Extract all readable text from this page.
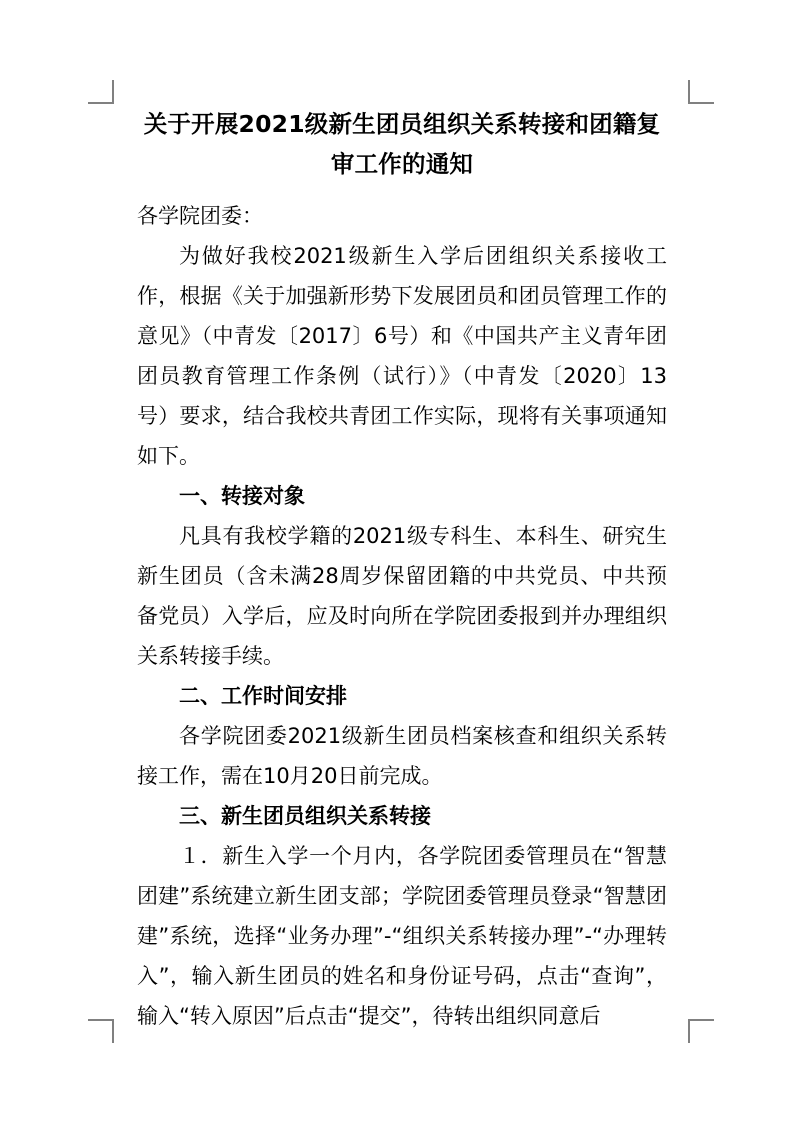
关于开展2021级新生团员组织关系转接和团籍复审工作的通知

各学院团委：

为做好我校2021级新生入学后团组织关系接收工作，根据《关于加强新形势下发展团员和团员管理工作的意见》（中青发〔2017〕6号）和《中国共产主义青年团团员教育管理工作条例（试行）》（中青发〔2020〕13号）要求，结合我校共青团工作实际，现将有关事项通知如下。

一、转接对象

凡具有我校学籍的2021级专科生、本科生、研究生新生团员（含未满28周岁保留团籍的中共党员、中共预备党员）入学后，应及时向所在学院团委报到并办理组织关系转接手续。

二、工作时间安排

各学院团委2021级新生团员档案核查和组织关系转接工作，需在10月20日前完成。

三、新生团员组织关系转接

１．新生入学一个月内，各学院团委管理员在“智慧团建”系统建立新生团支部；学院团委管理员登录“智慧团建”系统，选择“业务办理”-“组织关系转接办理”-“办理转入”，输入新生团员的姓名和身份证号码，点击“查询”，输入“转入原因”后点击“提交”，待转出组织同意后
